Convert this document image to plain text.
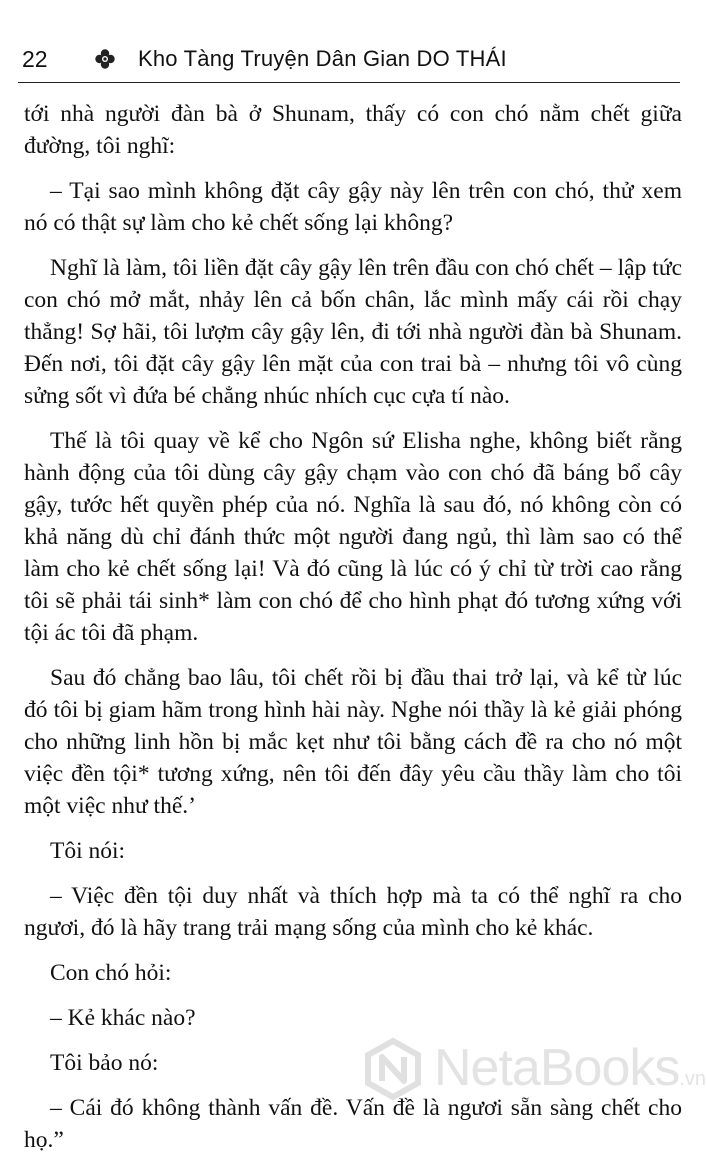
22	Kho Tàng Truyện Dân Gian DO THÁI

tới nhà người đàn bà ở Shunam, thấy có con chó nằm chết giữa đường, tôi nghĩ:

– Tại sao mình không đặt cây gậy này lên trên con chó, thử xem nó có thật sự làm cho kẻ chết sống lại không?

Nghĩ là làm, tôi liền đặt cây gậy lên trên đầu con chó chết – lập tức con chó mở mắt, nhảy lên cả bốn chân, lắc mình mấy cái rồi chạy thẳng! Sợ hãi, tôi lượm cây gậy lên, đi tới nhà người đàn bà Shunam. Đến nơi, tôi đặt cây gậy lên mặt của con trai bà – nhưng tôi vô cùng sửng sốt vì đứa bé chẳng nhúc nhích cục cựa tí nào.

Thế là tôi quay về kể cho Ngôn sứ Elisha nghe, không biết rằng hành động của tôi dùng cây gậy chạm vào con chó đã báng bổ cây gậy, tước hết quyền phép của nó. Nghĩa là sau đó, nó không còn có khả năng dù chỉ đánh thức một người đang ngủ, thì làm sao có thể làm cho kẻ chết sống lại! Và đó cũng là lúc có ý chỉ từ trời cao rằng tôi sẽ phải tái sinh* làm con chó để cho hình phạt đó tương xứng với tội ác tôi đã phạm.

Sau đó chẳng bao lâu, tôi chết rồi bị đầu thai trở lại, và kể từ lúc đó tôi bị giam hãm trong hình hài này. Nghe nói thầy là kẻ giải phóng cho những linh hồn bị mắc kẹt như tôi bằng cách đề ra cho nó một việc đền tội* tương xứng, nên tôi đến đây yêu cầu thầy làm cho tôi một việc như thế.’

Tôi nói:

– Việc đền tội duy nhất và thích hợp mà ta có thể nghĩ ra cho ngươi, đó là hãy trang trải mạng sống của mình cho kẻ khác.

Con chó hỏi:

– Kẻ khác nào?

Tôi bảo nó:

– Cái đó không thành vấn đề. Vấn đề là ngươi sẵn sàng chết cho họ.”

NetaBooks.vn
